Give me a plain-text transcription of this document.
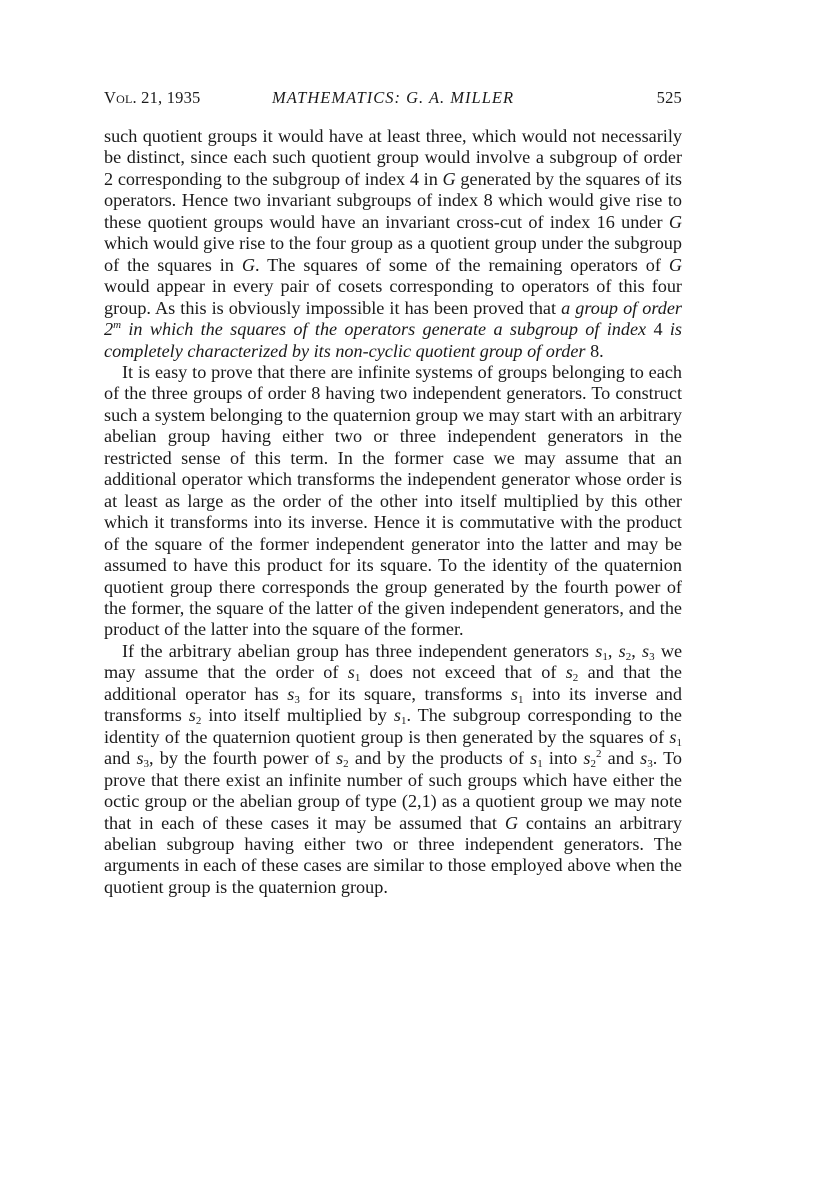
Vol. 21, 1935	MATHEMATICS: G. A. MILLER	525

such quotient groups it would have at least three, which would not necessarily be distinct, since each such quotient group would involve a subgroup of order 2 corresponding to the subgroup of index 4 in G generated by the squares of its operators. Hence two invariant subgroups of index 8 which would give rise to these quotient groups would have an invariant cross-cut of index 16 under G which would give rise to the four group as a quotient group under the subgroup of the squares in G. The squares of some of the remaining operators of G would appear in every pair of cosets corresponding to operators of this four group. As this is obviously impossible it has been proved that a group of order 2$^m$ in which the squares of the operators generate a subgroup of index 4 is completely characterized by its non-cyclic quotient group of order 8.

It is easy to prove that there are infinite systems of groups belonging to each of the three groups of order 8 having two independent generators. To construct such a system belonging to the quaternion group we may start with an arbitrary abelian group having either two or three independent generators in the restricted sense of this term. In the former case we may assume that an additional operator which transforms the independent generator whose order is at least as large as the order of the other into itself multiplied by this other which it transforms into its inverse. Hence it is commutative with the product of the square of the former independent generator into the latter and may be assumed to have this product for its square. To the identity of the quaternion quotient group there corresponds the group generated by the fourth power of the former, the square of the latter of the given independent generators, and the product of the latter into the square of the former.

If the arbitrary abelian group has three independent generators $s_1$, $s_2$, $s_3$ we may assume that the order of $s_1$ does not exceed that of $s_2$ and that the additional operator has $s_3$ for its square, transforms $s_1$ into its inverse and transforms $s_2$ into itself multiplied by $s_1$. The subgroup corresponding to the identity of the quaternion quotient group is then generated by the squares of $s_1$ and $s_3$, by the fourth power of $s_2$ and by the products of $s_1$ into $s_2^2$ and $s_3$. To prove that there exist an infinite number of such groups which have either the octic group or the abelian group of type (2,1) as a quotient group we may note that in each of these cases it may be assumed that G contains an arbitrary abelian subgroup having either two or three independent generators. The arguments in each of these cases are similar to those employed above when the quotient group is the quaternion group.
